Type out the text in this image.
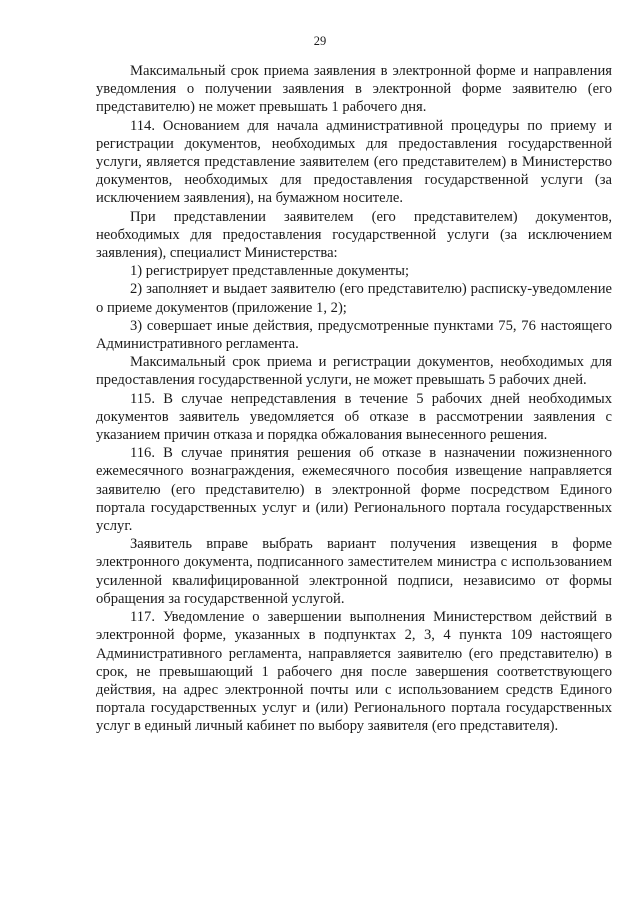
29

Максимальный срок приема заявления в электронной форме и направления уведомления о получении заявления в электронной форме заявителю (его представителю) не может превышать 1 рабочего дня.

114. Основанием для начала административной процедуры по приему и регистрации документов, необходимых для предоставления государственной услуги, является представление заявителем (его представителем) в Министерство документов, необходимых для предоставления государственной услуги (за исключением заявления), на бумажном носителе.

При представлении заявителем (его представителем) документов, необходимых для предоставления государственной услуги (за исключением заявления), специалист Министерства:

1) регистрирует представленные документы;

2) заполняет и выдает заявителю (его представителю) расписку-уведомление о приеме документов (приложение 1, 2);

3) совершает иные действия, предусмотренные пунктами 75, 76 настоящего Административного регламента.

Максимальный срок приема и регистрации документов, необходимых для предоставления государственной услуги, не может превышать 5 рабочих дней.

115. В случае непредставления в течение 5 рабочих дней необходимых документов заявитель уведомляется об отказе в рассмотрении заявления с указанием причин отказа и порядка обжалования вынесенного решения.

116. В случае принятия решения об отказе в назначении пожизненного ежемесячного вознаграждения, ежемесячного пособия извещение направляется заявителю (его представителю) в электронной форме посредством Единого портала государственных услуг и (или) Регионального портала государственных услуг.

Заявитель вправе выбрать вариант получения извещения в форме электронного документа, подписанного заместителем министра с использованием усиленной квалифицированной электронной подписи, независимо от формы обращения за государственной услугой.

117. Уведомление о завершении выполнения Министерством действий в электронной форме, указанных в подпунктах 2, 3, 4 пункта 109 настоящего Административного регламента, направляется заявителю (его представителю) в срок, не превышающий 1 рабочего дня после завершения соответствующего действия, на адрес электронной почты или с использованием средств Единого портала государственных услуг и (или) Регионального портала государственных услуг в единый личный кабинет по выбору заявителя (его представителя).
